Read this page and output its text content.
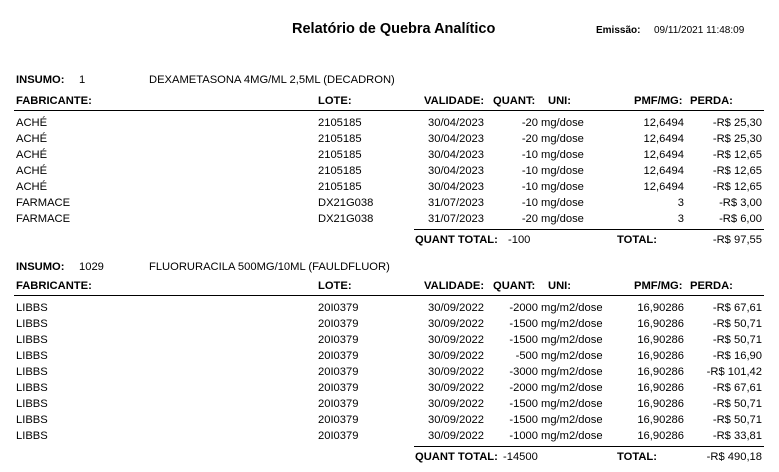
Relatório de Quebra Analítico	Emissão: 09/11/2021 11:48:09
INSUMO: 1	DEXAMETASONA 4MG/ML 2,5ML (DECADRON)
FABRICANTE:	LOTE:	VALIDADE: QUANT: UNI:	PMF/MG: PERDA:
ACHÉ	2105185	30/04/2023	-20 mg/dose	12,6494	-R$ 25,30
ACHÉ	2105185	30/04/2023	-20 mg/dose	12,6494	-R$ 25,30
ACHÉ	2105185	30/04/2023	-10 mg/dose	12,6494	-R$ 12,65
ACHÉ	2105185	30/04/2023	-10 mg/dose	12,6494	-R$ 12,65
ACHÉ	2105185	30/04/2023	-10 mg/dose	12,6494	-R$ 12,65
FARMACE	DX21G038	31/07/2023	-10 mg/dose	3	-R$ 3,00
FARMACE	DX21G038	31/07/2023	-20 mg/dose	3	-R$ 6,00
QUANT TOTAL: -100	TOTAL:	-R$ 97,55
INSUMO: 1029	FLUORURACILA 500MG/10ML (FAULDFLUOR)
FABRICANTE:	LOTE:	VALIDADE: QUANT: UNI:	PMF/MG: PERDA:
LIBBS	20I0379	30/09/2022	-2000 mg/m2/dose	16,90286	-R$ 67,61
LIBBS	20I0379	30/09/2022	-1500 mg/m2/dose	16,90286	-R$ 50,71
LIBBS	20I0379	30/09/2022	-1500 mg/m2/dose	16,90286	-R$ 50,71
LIBBS	20I0379	30/09/2022	-500 mg/m2/dose	16,90286	-R$ 16,90
LIBBS	20I0379	30/09/2022	-3000 mg/m2/dose	16,90286	-R$ 101,42
LIBBS	20I0379	30/09/2022	-2000 mg/m2/dose	16,90286	-R$ 67,61
LIBBS	20I0379	30/09/2022	-1500 mg/m2/dose	16,90286	-R$ 50,71
LIBBS	20I0379	30/09/2022	-1500 mg/m2/dose	16,90286	-R$ 50,71
LIBBS	20I0379	30/09/2022	-1000 mg/m2/dose	16,90286	-R$ 33,81
QUANT TOTAL: -14500	TOTAL:	-R$ 490,18
